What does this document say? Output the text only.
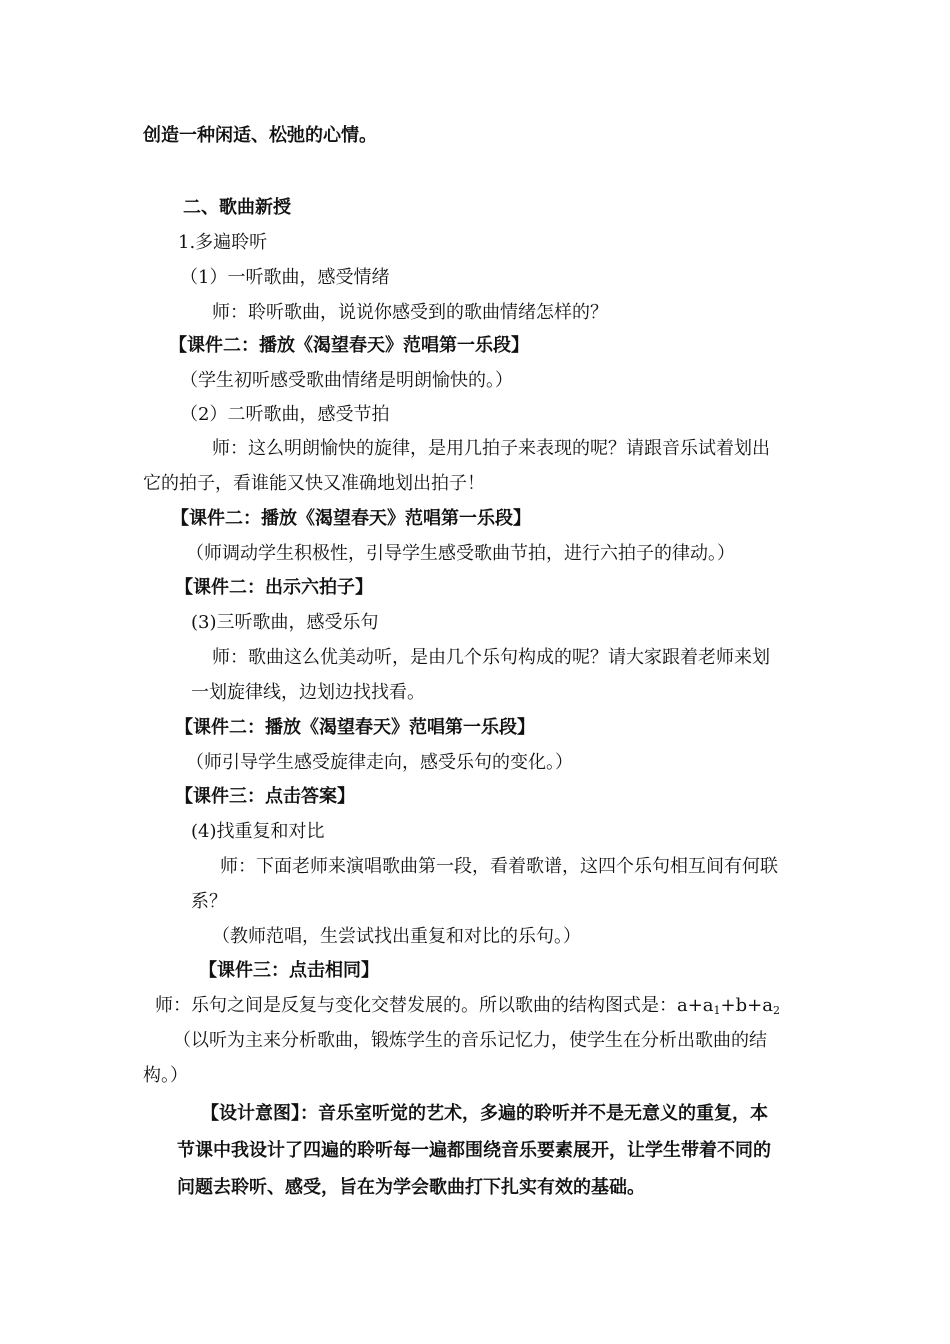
创造一种闲适、松弛的心情。
二、歌曲新授
1.多遍聆听
（1）一听歌曲，感受情绪
师：聆听歌曲，说说你感受到的歌曲情绪怎样的？
【课件二：播放《渴望春天》范唱第一乐段】
（学生初听感受歌曲情绪是明朗愉快的。）
（2）二听歌曲，感受节拍
师：这么明朗愉快的旋律，是用几拍子来表现的呢？请跟音乐试着划出
它的拍子，看谁能又快又准确地划出拍子！
【课件二：播放《渴望春天》范唱第一乐段】
（师调动学生积极性，引导学生感受歌曲节拍，进行六拍子的律动。）
【课件二：出示六拍子】
(3)三听歌曲，感受乐句
师：歌曲这么优美动听，是由几个乐句构成的呢？请大家跟着老师来划
一划旋律线，边划边找找看。
【课件二：播放《渴望春天》范唱第一乐段】
（师引导学生感受旋律走向，感受乐句的变化。）
【课件三：点击答案】
(4)找重复和对比
师：下面老师来演唱歌曲第一段，看着歌谱，这四个乐句相互间有何联
系？
（教师范唱，生尝试找出重复和对比的乐句。）
【课件三：点击相同】
师：乐句之间是反复与变化交替发展的。所以歌曲的结构图式是：$a+a_1+b+a_2$
（以听为主来分析歌曲，锻炼学生的音乐记忆力，使学生在分析出歌曲的结
构。）
【设计意图】：音乐室听觉的艺术，多遍的聆听并不是无意义的重复，本
节课中我设计了四遍的聆听每一遍都围绕音乐要素展开，让学生带着不同的
问题去聆听、感受，旨在为学会歌曲打下扎实有效的基础。
